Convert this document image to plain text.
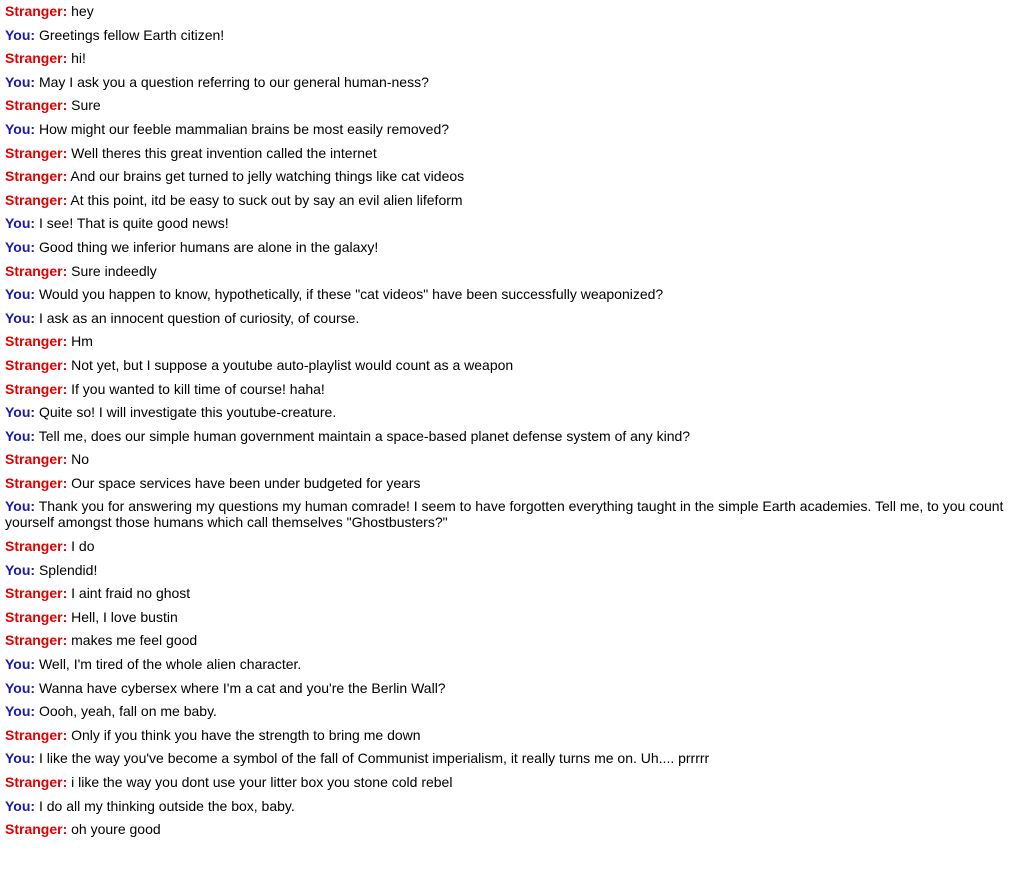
Stranger: hey
You: Greetings fellow Earth citizen!
Stranger: hi!
You: May I ask you a question referring to our general human-ness?
Stranger: Sure
You: How might our feeble mammalian brains be most easily removed?
Stranger: Well theres this great invention called the internet
Stranger: And our brains get turned to jelly watching things like cat videos
Stranger: At this point, itd be easy to suck out by say an evil alien lifeform
You: I see! That is quite good news!
You: Good thing we inferior humans are alone in the galaxy!
Stranger: Sure indeedly
You: Would you happen to know, hypothetically, if these "cat videos" have been successfully weaponized?
You: I ask as an innocent question of curiosity, of course.
Stranger: Hm
Stranger: Not yet, but I suppose a youtube auto-playlist would count as a weapon
Stranger: If you wanted to kill time of course! haha!
You: Quite so! I will investigate this youtube-creature.
You: Tell me, does our simple human government maintain a space-based planet defense system of any kind?
Stranger: No
Stranger: Our space services have been under budgeted for years
You: Thank you for answering my questions my human comrade! I seem to have forgotten everything taught in the simple Earth academies. Tell me, to you count yourself amongst those humans which call themselves "Ghostbusters?"
Stranger: I do
You: Splendid!
Stranger: I aint fraid no ghost
Stranger: Hell, I love bustin
Stranger: makes me feel good
You: Well, I'm tired of the whole alien character.
You: Wanna have cybersex where I'm a cat and you're the Berlin Wall?
You: Oooh, yeah, fall on me baby.
Stranger: Only if you think you have the strength to bring me down
You: I like the way you've become a symbol of the fall of Communist imperialism, it really turns me on. Uh.... prrrrr
Stranger: i like the way you dont use your litter box you stone cold rebel
You: I do all my thinking outside the box, baby.
Stranger: oh youre good
